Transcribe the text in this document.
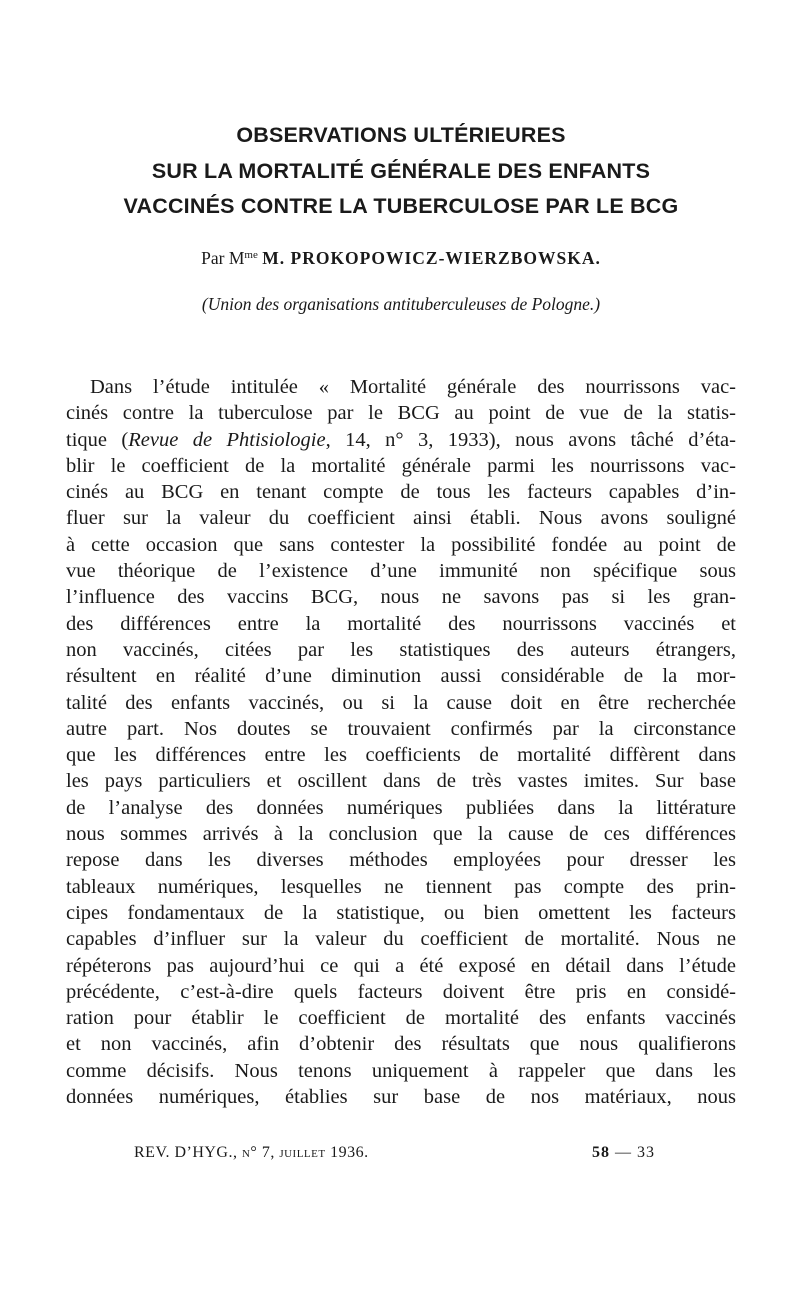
OBSERVATIONS ULTÉRIEURES
SUR LA MORTALITÉ GÉNÉRALE DES ENFANTS
VACCINÉS CONTRE LA TUBERCULOSE PAR LE BCG
Par $M^{me}$ M. PROKOPOWICZ-WIERZBOWSKA.
(Union des organisations antituberculeuses de Pologne.)
Dans l’étude intitulée « Mortalité générale des nourrissons vac-
cinés contre la tuberculose par le BCG au point de vue de la statis-
tique (Revue de Phtisiologie, 14, n° 3, 1933), nous avons tâché d’éta-
blir le coefficient de la mortalité générale parmi les nourrissons vac-
cinés au BCG en tenant compte de tous les facteurs capables d’in-
fluer sur la valeur du coefficient ainsi établi. Nous avons souligné
à cette occasion que sans contester la possibilité fondée au point de
vue théorique de l’existence d’une immunité non spécifique sous
l’influence des vaccins BCG, nous ne savons pas si les gran-
des différences entre la mortalité des nourrissons vaccinés et
non vaccinés, citées par les statistiques des auteurs étrangers,
résultent en réalité d’une diminution aussi considérable de la mor-
talité des enfants vaccinés, ou si la cause doit en être recherchée
autre part. Nos doutes se trouvaient confirmés par la circonstance
que les différences entre les coefficients de mortalité diffèrent dans
les pays particuliers et oscillent dans de très vastes imites. Sur base
de l’analyse des données numériques publiées dans la littérature
nous sommes arrivés à la conclusion que la cause de ces différences
repose dans les diverses méthodes employées pour dresser les
tableaux numériques, lesquelles ne tiennent pas compte des prin-
cipes fondamentaux de la statistique, ou bien omettent les facteurs
capables d’influer sur la valeur du coefficient de mortalité. Nous ne
répéterons pas aujourd’hui ce qui a été exposé en détail dans l’étude
précédente, c’est-à-dire quels facteurs doivent être pris en considé-
ration pour établir le coefficient de mortalité des enfants vaccinés
et non vaccinés, afin d’obtenir des résultats que nous qualifierons
comme décisifs. Nous tenons uniquement à rappeler que dans les
données numériques, établies sur base de nos matériaux, nous
REV. D’HYG., n° 7, juillet 1936.	58 — 33
